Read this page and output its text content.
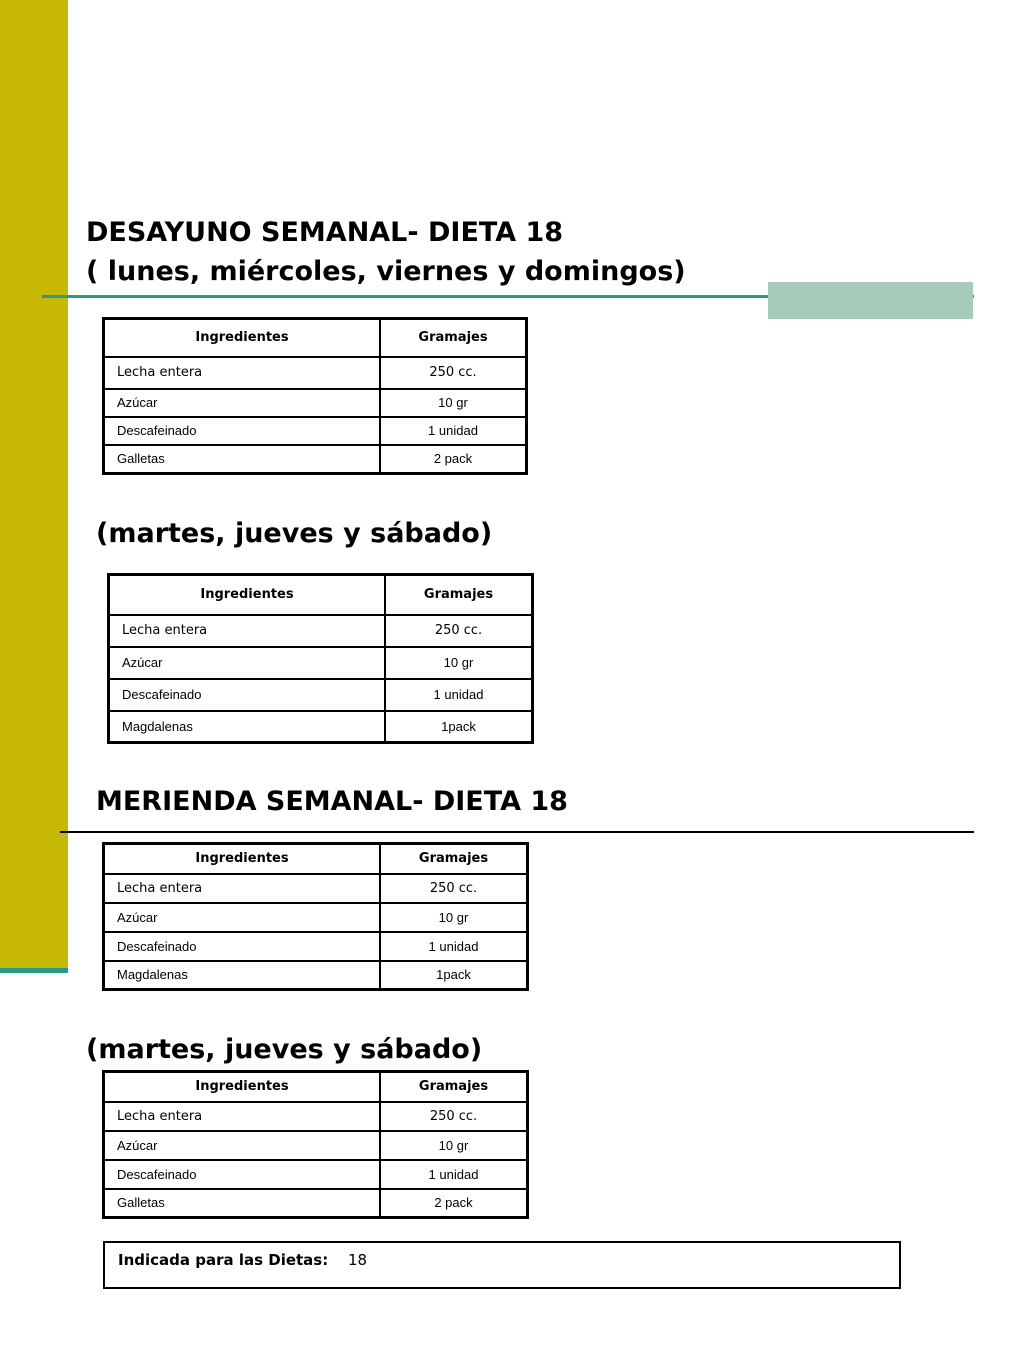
DESAYUNO SEMANAL- DIETA 18
( lunes, miércoles, viernes y domingos)
Ingredientes	Gramajes
Lecha entera	250 cc.
Azúcar	10 gr
Descafeinado	1 unidad
Galletas	2 pack
(martes, jueves y sábado)
Ingredientes	Gramajes
Lecha entera	250 cc.
Azúcar	10 gr
Descafeinado	1 unidad
Magdalenas	1pack
MERIENDA SEMANAL- DIETA 18
Ingredientes	Gramajes
Lecha entera	250 cc.
Azúcar	10 gr
Descafeinado	1 unidad
Magdalenas	1pack
(martes, jueves y sábado)
Ingredientes	Gramajes
Lecha entera	250 cc.
Azúcar	10 gr
Descafeinado	1 unidad
Galletas	2 pack
Indicada para las Dietas: 18
